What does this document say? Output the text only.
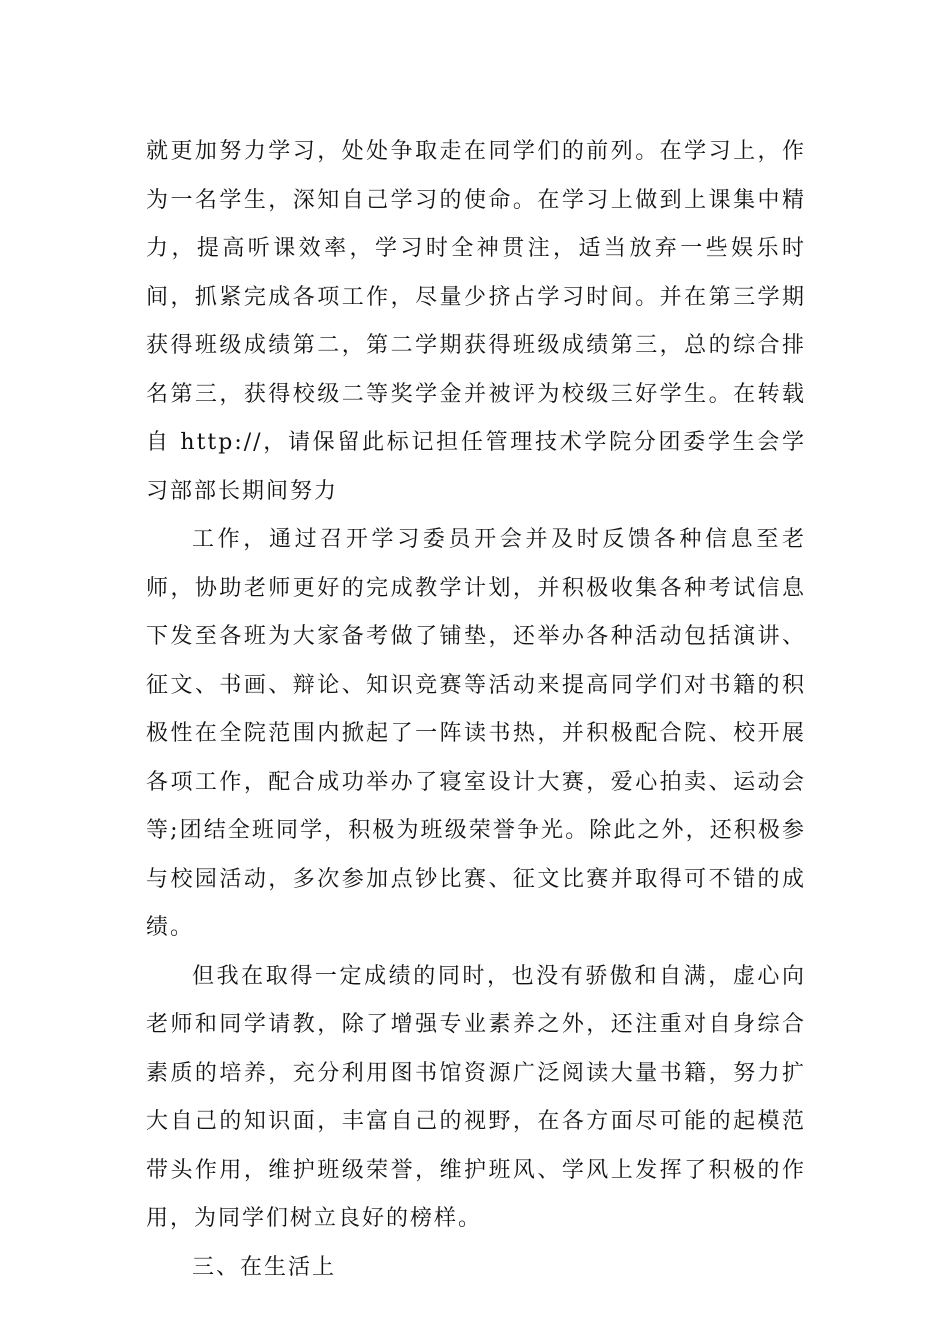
就更加努力学习，处处争取走在同学们的前列。在学习上，作为一名学生，深知自己学习的使命。在学习上做到上课集中精力，提高听课效率，学习时全神贯注，适当放弃一些娱乐时间，抓紧完成各项工作，尽量少挤占学习时间。并在第三学期获得班级成绩第二，第二学期获得班级成绩第三，总的综合排名第三，获得校级二等奖学金并被评为校级三好学生。在转载自 http://，请保留此标记担任管理技术学院分团委学生会学习部部长期间努力

工作，通过召开学习委员开会并及时反馈各种信息至老师，协助老师更好的完成教学计划，并积极收集各种考试信息下发至各班为大家备考做了铺垫，还举办各种活动包括演讲、征文、书画、辩论、知识竞赛等活动来提高同学们对书籍的积极性在全院范围内掀起了一阵读书热，并积极配合院、校开展各项工作，配合成功举办了寝室设计大赛，爱心拍卖、运动会等;团结全班同学，积极为班级荣誉争光。除此之外，还积极参与校园活动，多次参加点钞比赛、征文比赛并取得可不错的成绩。

但我在取得一定成绩的同时，也没有骄傲和自满，虚心向老师和同学请教，除了增强专业素养之外，还注重对自身综合素质的培养，充分利用图书馆资源广泛阅读大量书籍，努力扩大自己的知识面，丰富自己的视野，在各方面尽可能的起模范带头作用，维护班级荣誉，维护班风、学风上发挥了积极的作用，为同学们树立良好的榜样。

三、在生活上
